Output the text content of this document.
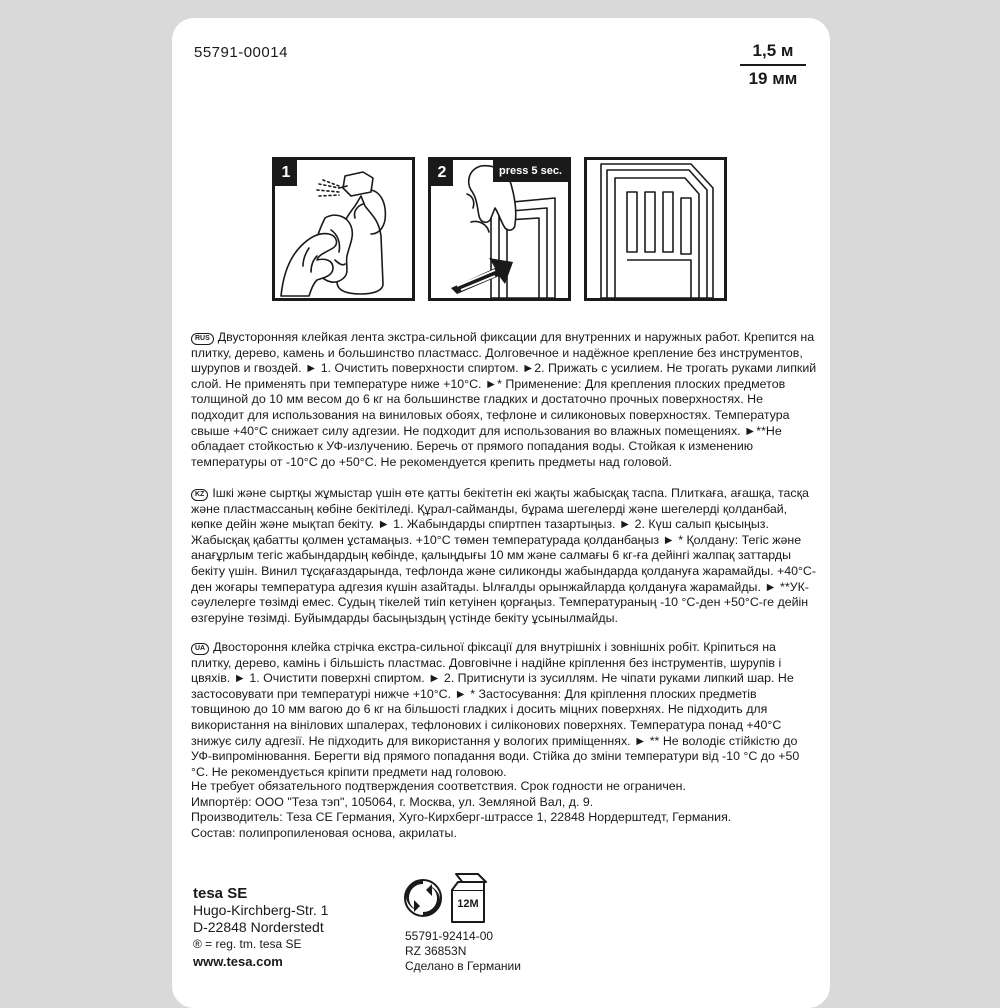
55791-00014	1,5 м
19 мм
1	2	press 5 sec.

RUS Двусторонняя клейкая лента экстра-сильной фиксации для внутренних и наружных работ. Крепится на плитку, дерево, камень и большинство пластмасс. Долговечное и надёжное крепление без инструментов, шурупов и гвоздей. ► 1. Очистить поверхности спиртом. ►2. Прижать с усилием. Не трогать руками липкий слой. Не применять при температуре ниже +10°С. ►* Применение: Для крепления плоских предметов толщиной до 10 мм весом до 6 кг на большинстве гладких и достаточно прочных поверхностях. Не подходит для использования на виниловых обоях, тефлоне и силиконовых поверхностях. Температура свыше +40°С снижает силу адгезии. Не подходит для использования во влажных помещениях. ►**Не обладает стойкостью к УФ-излучению. Беречь от прямого попадания воды. Стойкая к изменению температуры от -10°С до +50°С. Не рекомендуется крепить предметы над головой.

KZ Ішкі және сыртқы жұмыстар үшін өте қатты бекітетін екі жақты жабысқақ таспа. Плиткаға, ағашқа, тасқа және пластмассаның көбіне бекітіледі. Құрал-сайманды, бұрама шегелерді және шегелерді қолданбай, көпке дейін және мықтап бекіту. ► 1. Жабындарды спиртпен тазартыңыз. ► 2. Күш салып қысыңыз. Жабысқақ қабатты қолмен ұстамаңыз. +10°С төмен температурада қолданбаңыз ► * Қолдану: Тегіс және анағұрлым тегіс жабындардың көбінде, қалыңдығы 10 мм және салмағы 6 кг-ға дейінгі жалпақ заттарды бекіту үшін. Винил тұсқағаздарында, тефлонда және силиконды жабындарда қолдануға жарамайды. +40°С-ден жоғары температура адгезия күшін азайтады. Ылғалды орынжайларда қолдануға жарамайды. ► **УК-сәулелерге төзімді емес. Судың тікелей тиіп кетуінен қорғаңыз. Температураның -10 °С-ден +50°С-ге дейін өзгеруіне төзімді. Буйымдарды басыңыздың үстінде бекіту ұсынылмайды.

UA Двостороння клейка стрічка екстра-сильної фіксації для внутрішніх і зовнішніх робіт. Кріпиться на плитку, дерево, камінь і більшість пластмас. Довговічне і надійне кріплення без інструментів, шурупів і цвяхів. ► 1. Очистити поверхні спиртом. ► 2. Притиснути із зусиллям. Не чіпати руками липкий шар. Не застосовувати при температурі нижче +10°С. ► * Застосування: Для кріплення плоских предметів товщиною до 10 мм вагою до 6 кг на більшості гладких і досить міцних поверхнях. Не підходить для використання на вінілових шпалерах, тефлонових і силіконових поверхнях. Температура понад +40°С знижує силу адгезії. Не підходить для використання у вологих приміщеннях. ► ** Не володіє стійкістю до УФ-випромінювання. Берегти від прямого попадання води. Стійка до зміни температури від -10 °С до +50 °С. Не рекомендується кріпити предмети над головою.

Не требует обязательного подтверждения соответствия. Срок годности не ограничен.

Импортёр: ООО "Теза тэп", 105064, г. Москва, ул. Земляной Вал, д. 9.

Производитель: Теза СЕ Германия, Хуго-Кирхберг-штрассе 1, 22848 Нордерштедт, Германия.

Состав: полипропиленовая основа, акрилаты.

tesa SE
Hugo-Kirchberg-Str. 1
D-22848 Norderstedt
® = reg. tm. tesa SE
www.tesa.com
12M
55791-92414-00
RZ 36853N
Сделано в Германии
